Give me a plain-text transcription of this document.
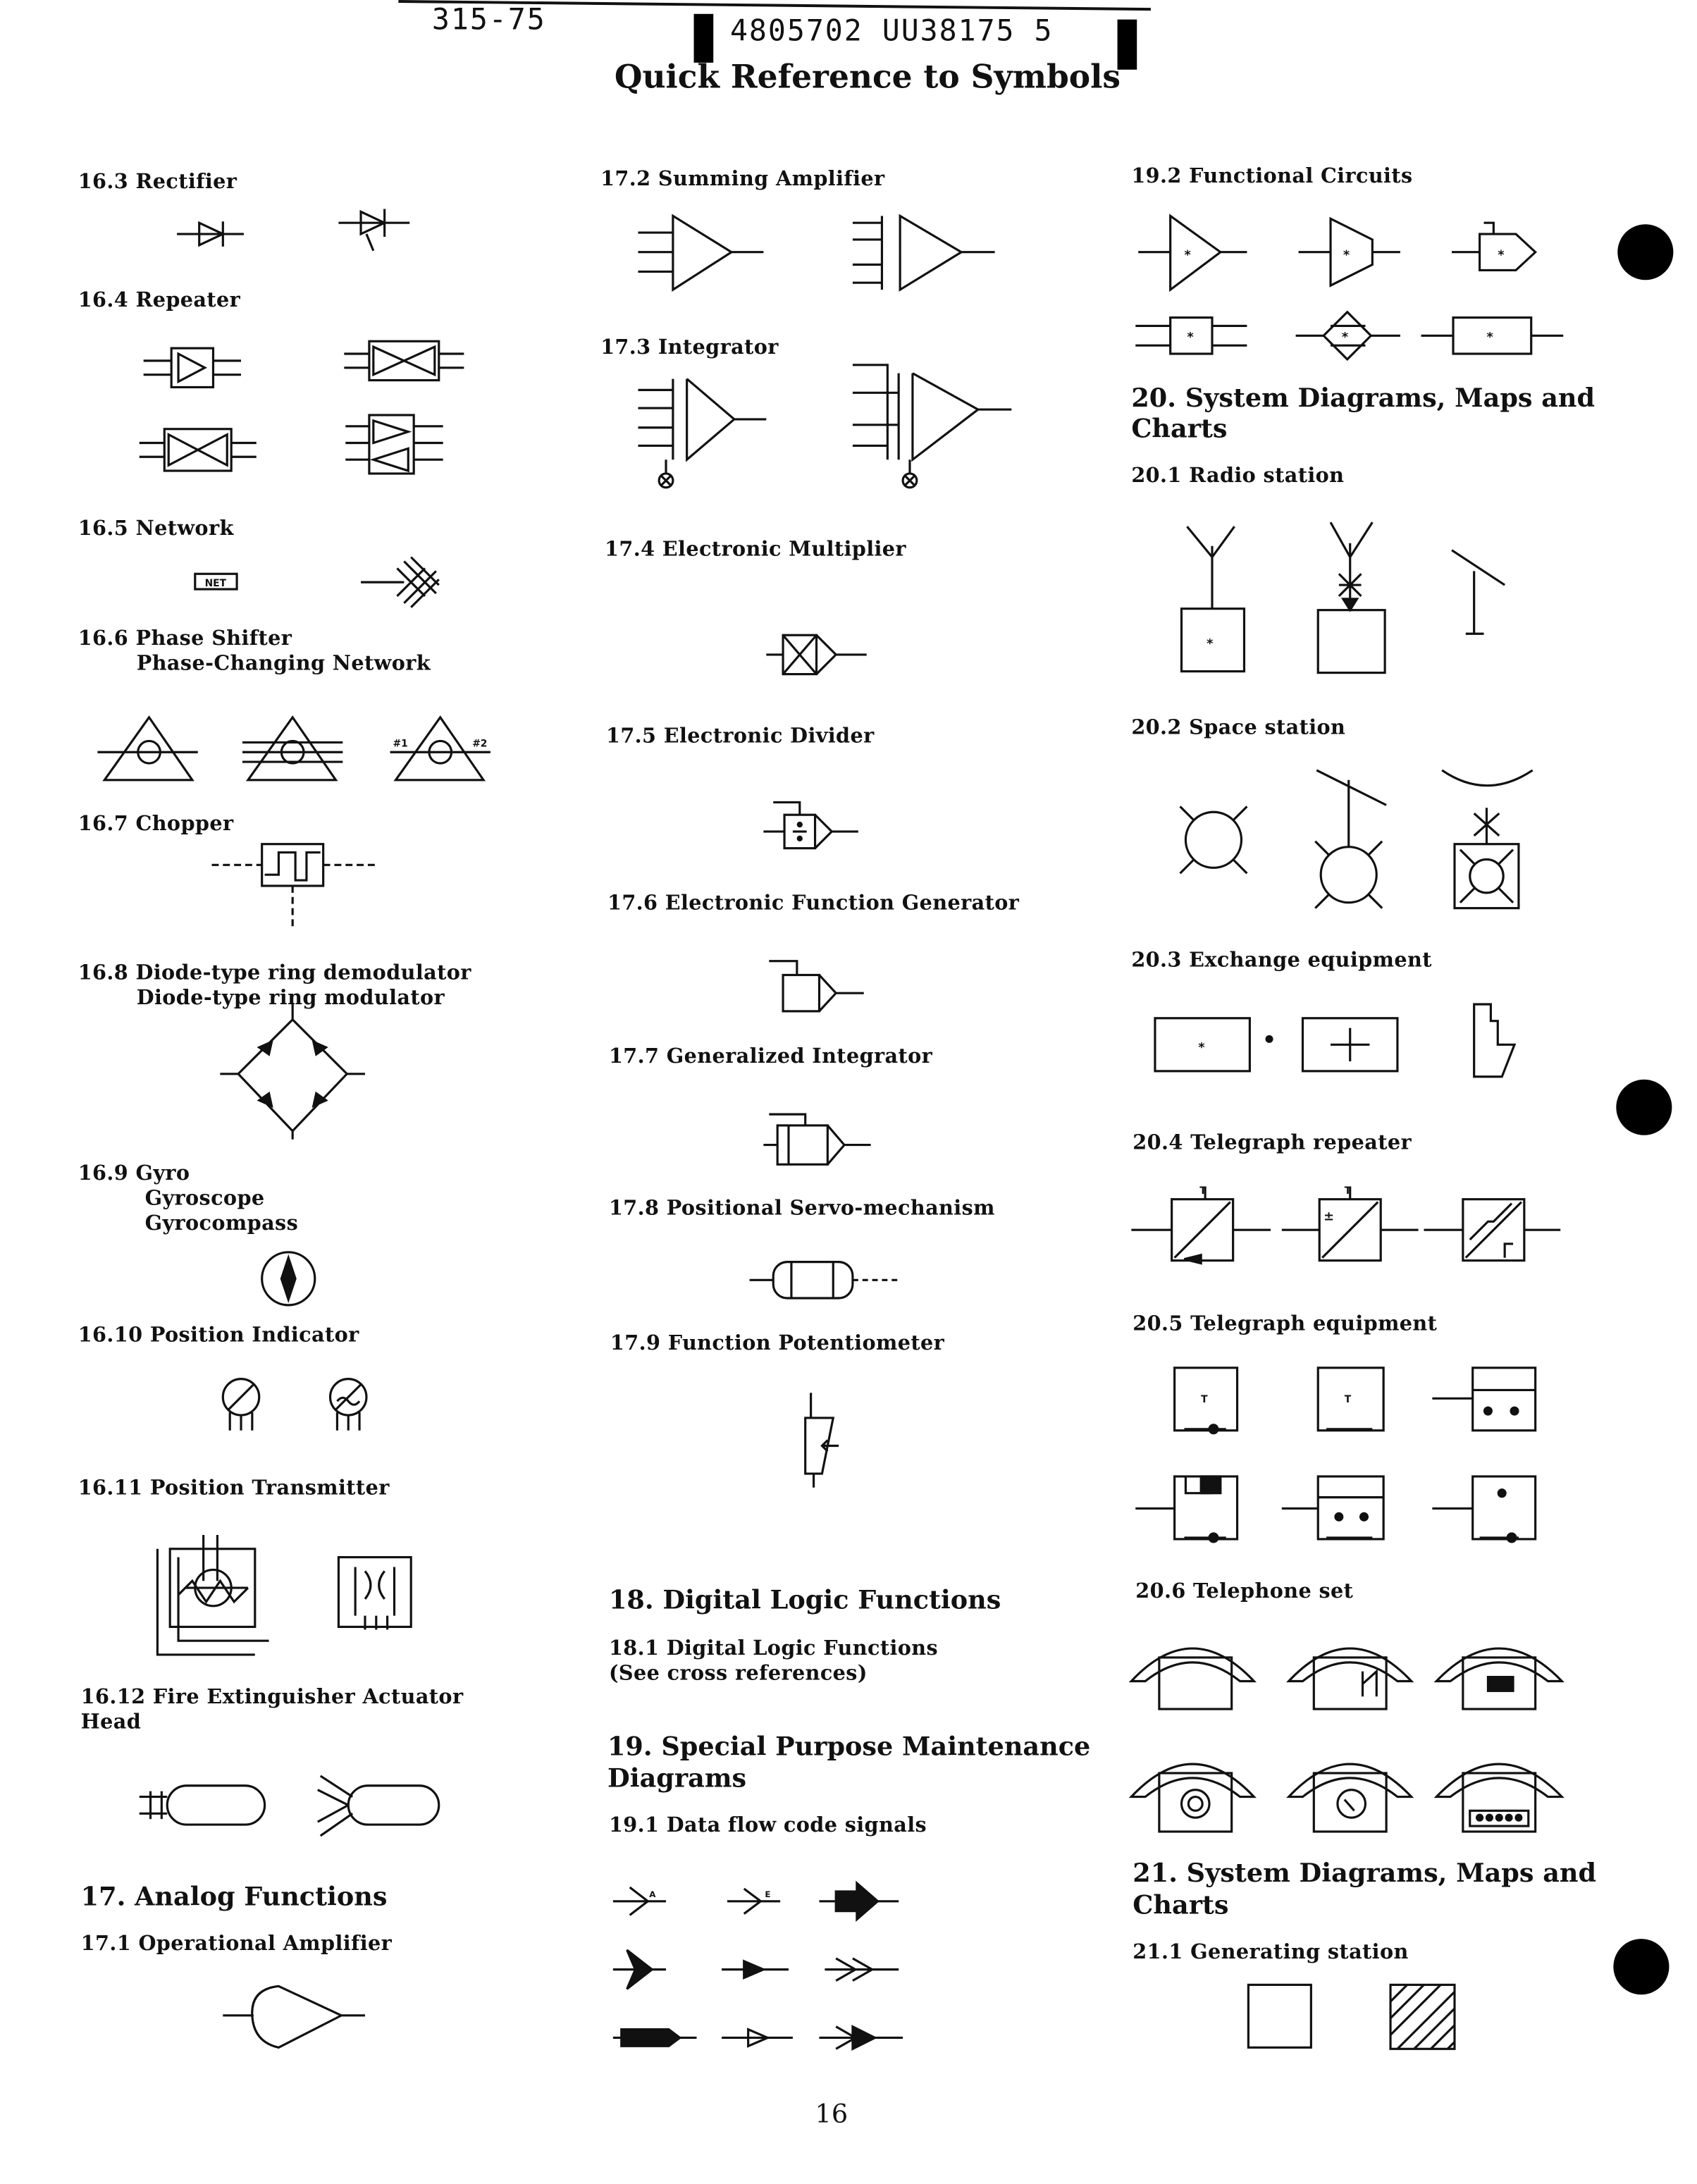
315-75	4805702 UU38175 5
Quick Reference to Symbols
16.3 Rectifier
16.4 Repeater
16.5 Network
16.6 Phase Shifter
Phase-Changing Network
16.7 Chopper
16.8 Diode-type ring demodulator
Diode-type ring modulator
16.9 Gyro
Gyroscope
Gyrocompass
16.10 Position Indicator
16.11 Position Transmitter
16.12 Fire Extinguisher Actuator
Head
17. Analog Functions
17.1 Operational Amplifier
17.2 Summing Amplifier
17.3 Integrator
17.4 Electronic Multiplier
17.5 Electronic Divider
17.6 Electronic Function Generator
17.7 Generalized Integrator
17.8 Positional Servo-mechanism
17.9 Function Potentiometer
18. Digital Logic Functions
18.1 Digital Logic Functions
(See cross references)
19. Special Purpose Maintenance
Diagrams
19.1 Data flow code signals
19.2 Functional Circuits
20. System Diagrams, Maps and
Charts
20.1 Radio station
20.2 Space station
20.3 Exchange equipment
20.4 Telegraph repeater
20.5 Telegraph equipment
20.6 Telephone set
21. System Diagrams, Maps and
Charts
21.1 Generating station
16
NET
#1	#2
A	E
*	*	*
*	*	*
*
*
T	T
±
T	T
